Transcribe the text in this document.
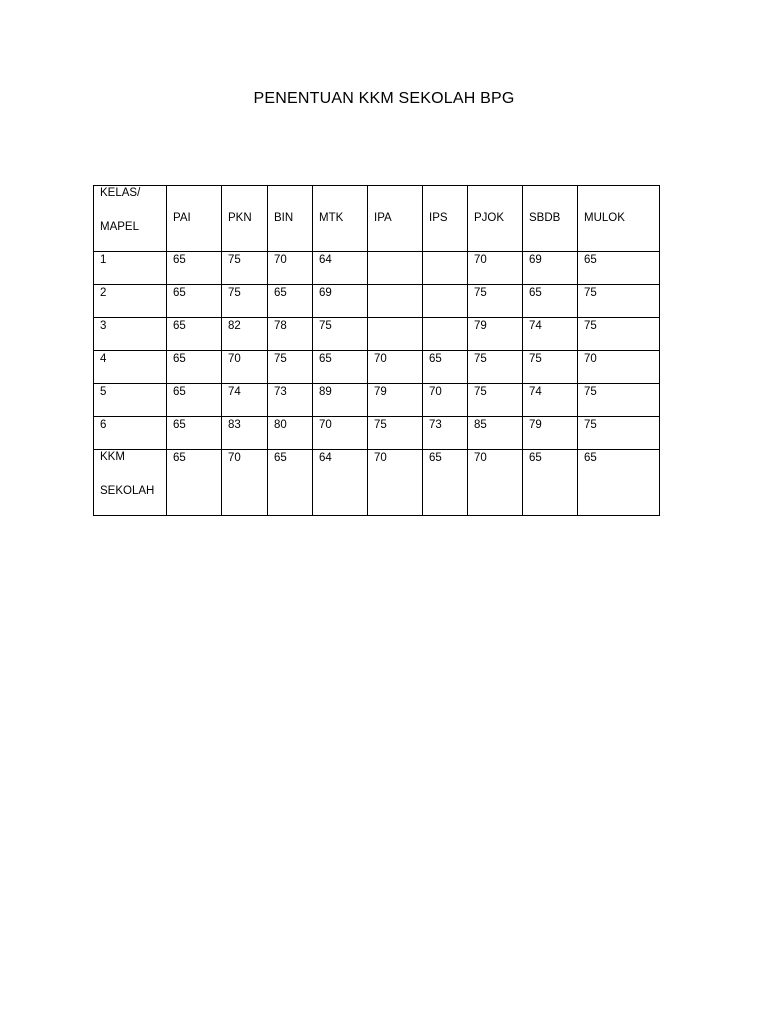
PENENTUAN KKM SEKOLAH BPG
KELAS/
MAPEL	PAI	PKN	BIN	MTK	IPA	IPS	PJOK	SBDB	MULOK

1	65	75	70	64			70	69	65

2	65	75	65	69			75	65	75

3	65	82	78	75			79	74	75

4	65	70	75	65	70	65	75	75	70

5	65	74	73	89	79	70	75	74	75

6	65	83	80	70	75	73	85	79	75

KKM
SEKOLAH	65	70	65	64	70	65	70	65	65
